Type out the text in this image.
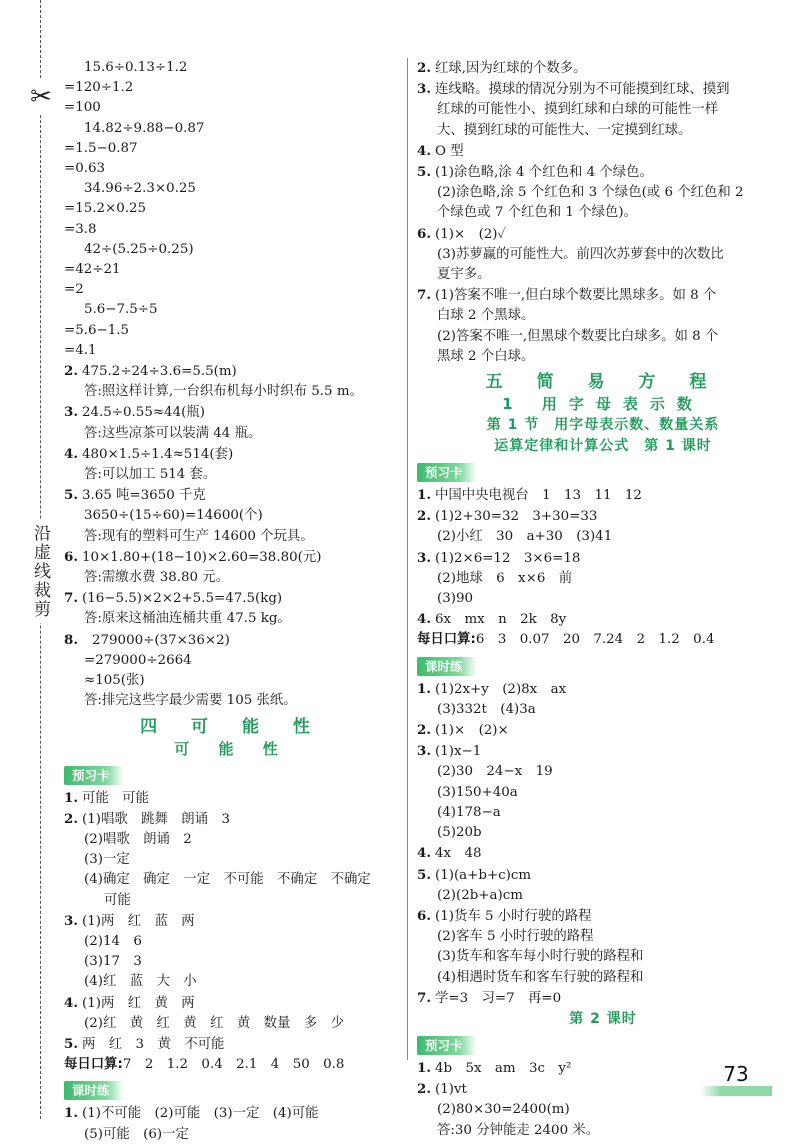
✂
沿虚线裁剪
15.6÷0.13÷1.2
=120÷1.2
=100
14.82÷9.88−0.87
=1.5−0.87
=0.63
34.96÷2.3×0.25
=15.2×0.25
=3.8
42÷(5.25÷0.25)
=42÷21
=2
5.6−7.5÷5
=5.6−1.5
=4.1
2. 475.2÷24÷3.6=5.5(m)
答:照这样计算,一台织布机每小时织布 5.5 m。
3. 24.5÷0.55≈44(瓶)
答:这些凉茶可以装满 44 瓶。
4. 480×1.5÷1.4≈514(套)
答:可以加工 514 套。
5. 3.65 吨=3650 千克
3650÷(15÷60)=14600(个)
答:现有的塑料可生产 14600 个玩具。
6. 10×1.80+(18−10)×2.60=38.80(元)
答:需缴水费 38.80 元。
7. (16−5.5)×2×2+5.5=47.5(kg)
答:原来这桶油连桶共重 47.5 kg。
8. 279000÷(37×36×2)
=279000÷2664
≈105(张)
答:排完这些字最少需要 105 张纸。
四 可 能 性
可 能 性
预习卡
1. 可能　可能
2. (1)唱歌　跳舞　朗诵　3
(2)唱歌　朗诵　2
(3)一定
(4)确定　确定　一定　不可能　不确定　不确定
可能
3. (1)两　红　蓝　两
(2)14　6
(3)17　3
(4)红　蓝　大　小
4. (1)两　红　黄　两
(2)红　黄　红　黄　红　黄　数量　多　少
5. 两　红　3　黄　不可能
每日口算:7　2　1.2　0.4　2.1　4　50　0.8
课时练
1. (1)不可能　(2)可能　(3)一定　(4)可能
(5)可能　(6)一定
2. 红球,因为红球的个数多。
3. 连线略。摸球的情况分别为不可能摸到红球、摸到
红球的可能性小、摸到红球和白球的可能性一样
大、摸到红球的可能性大、一定摸到红球。
4. O 型
5. (1)涂色略,涂 4 个红色和 4 个绿色。
(2)涂色略,涂 5 个红色和 3 个绿色(或 6 个红色和 2
个绿色或 7 个红色和 1 个绿色)。
6. (1)×　(2)✓
(3)苏萝赢的可能性大。前四次苏萝套中的次数比
夏宇多。
7. (1)答案不唯一,但白球个数要比黑球多。如 8 个
白球 2 个黑球。
(2)答案不唯一,但黑球个数要比白球多。如 8 个
黑球 2 个白球。
五 简 易 方 程
1 用字母表示数
第 1 节　用字母表示数、数量关系
运算定律和计算公式　第 1 课时
预习卡
1. 中国中央电视台　1　13　11　12
2. (1)2+30=32　3+30=33
(2)小红　30　a+30　(3)41
3. (1)2×6=12　3×6=18
(2)地球　6　x×6　前
(3)90
4. 6x　mx　n　2k　8y
每日口算:6　3　0.07　20　7.24　2　1.2　0.4
课时练
1. (1)2x+y　(2)8x　ax
(3)332t　(4)3a
2. (1)×　(2)×
3. (1)x−1
(2)30　24−x　19
(3)150+40a
(4)178−a
(5)20b
4. 4x　48
5. (1)(a+b+c)cm
(2)(2b+a)cm
6. (1)货车 5 小时行驶的路程
(2)客车 5 小时行驶的路程
(3)货车和客车每小时行驶的路程和
(4)相遇时货车和客车行驶的路程和
7. 学=3　习=7　再=0
第 2 课时
预习卡
1. 4b　5x　am　3c　y²
2. (1)vt
(2)80×30=2400(m)
答:30 分钟能走 2400 米。
73
